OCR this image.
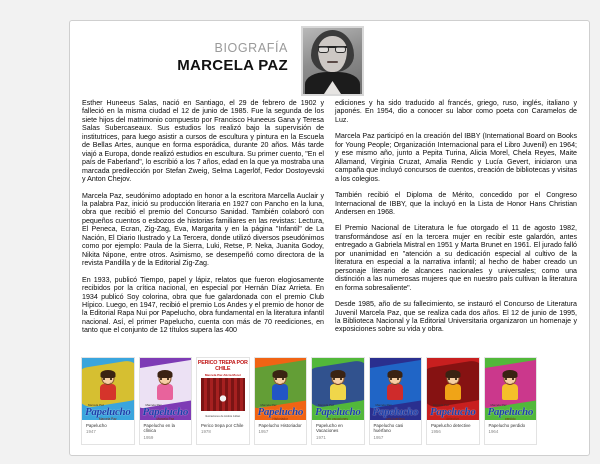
BIOGRAFÍA
MARCELA PAZ

Esther Huneeus Salas, nació en Santiago, el 29 de febrero de 1902 y falleció en la misma ciudad el 12 de junio de 1985. Fue la segunda de los siete hijos del matrimonio compuesto por Francisco Huneeus Gana y Teresa Salas Subercaseaux. Sus estudios los realizó bajo la supervisión de institutrices, para luego asistir a cursos de escultura y pintura en la Escuela de Bellas Artes, aunque en forma esporádica, durante 20 años. Más tarde viajó a Europa, donde realizó estudios en escultura. Su primer cuento, "En el país de Faberland", lo escribió a los 7 años, edad en la que ya mostraba una marcada predilección por Stefan Zweig, Selma Lagerlöf, Fedor Dostoyevski y Anton Chejov.

Marcela Paz, seudónimo adoptado en honor a la escritora Marcella Auclair y la palabra Paz, inició su producción literaria en 1927 con Pancho en la luna, obra que recibió el premio del Concurso Sanidad. También colaboró con pequeños cuentos o esbozos de historias familiares en las revistas: Lectura, El Peneca, Ecran, Zig-Zag, Eva, Margarita y en la página "Infantil" de La Nación, El Diario Ilustrado y La Tercera, donde utilizó diversos pseudónimos como por ejemplo: Paula de la Sierra, Luki, Retse, P. Neka, Juanita Godoy, Nikita Nipone, entre otros. Asimismo, se desempeñó como directora de la revista Pandilla y de la Editorial Zig-Zag.

En 1933, publicó Tiempo, papel y lápiz, relatos que fueron elogiosamente recibidos por la crítica nacional, en especial por Hernán Díaz Arrieta. En 1934 publicó Soy colorina, obra que fue galardonada con el premio Club Hípico. Luego, en 1947, recibió el premio Los Andes y el premio de honor de la Editorial Rapa Nui por Papelucho, obra fundamental en la literatura infantil nacional. Así, el primer Papelucho, cuenta con más de 70 reediciones, en tanto que el conjunto de 12 títulos supera las 400

ediciones y ha sido traducido al francés, griego, ruso, inglés, italiano y japonés. En 1954, dio a conocer su labor como poeta con Caramelos de Luz.

Marcela Paz participó en la creación del IBBY (International Board on Books for Young People; Organización Internacional para el Libro Juvenil) en 1964; y ese mismo año, junto a Pepita Turina, Alicia Morel, Chela Reyes, Maite Allamand, Virginia Cruzat, Amalia Rendic y Lucía Gevert, iniciaron una campaña que incluyó concursos de cuentos, creación de bibliotecas y visitas a los colegios.

También recibió el Diploma de Mérito, concedido por el Congreso Internacional de IBBY, que la incluyó en la Lista de Honor Hans Christian Andersen en 1968.

El Premio Nacional de Literatura le fue otorgado el 11 de agosto 1982, transformándose así en la tercera mujer en recibir este galardón, antes entregado a Gabriela Mistral en 1951 y Marta Brunet en 1961. El jurado falló por unanimidad en "atención a su dedicación especial al cultivo de la literatura en especial a la narrativa infantil; al hecho de haber creado un personaje literario de alcances nacionales y universales; como una distinción a las numerosas mujeres que en nuestro país cultivan la literatura en forma sobresaliente".

Desde 1985, año de su fallecimiento, se instauró el Concurso de Literatura Juvenil Marcela Paz, que se realiza cada dos años. El 12 de junio de 1995, la Biblioteca Nacional y la Editorial Universitaria organizaron un homenaje y exposiciones sobre su vida y obra.

Marcela Paz
Papelucho
Marcela Paz
Papelucho
1947
Marcela Paz
Papelucho
Marcela Paz
Papelucho en la clínica
1959
PERICO TREPA POR CHILE
Marcela Paz Alicia Morel
Ilustraciones de Andrés Jullian
Perico trepa por Chile
1978
Marcela Paz
Papelucho
Historiador
Papelucho Historiador
1957
Marcela Paz
Papelucho
en vacaciones
Papelucho en Vacaciones
1971
Marcela Paz
Papelucho
casi huérfano
Papelucho casi huérfano
1957
Marcela Paz
Papelucho
detective
Papelucho detective
1956
Marcela Paz
Papelucho
perdido
Papelucho perdido
1964
